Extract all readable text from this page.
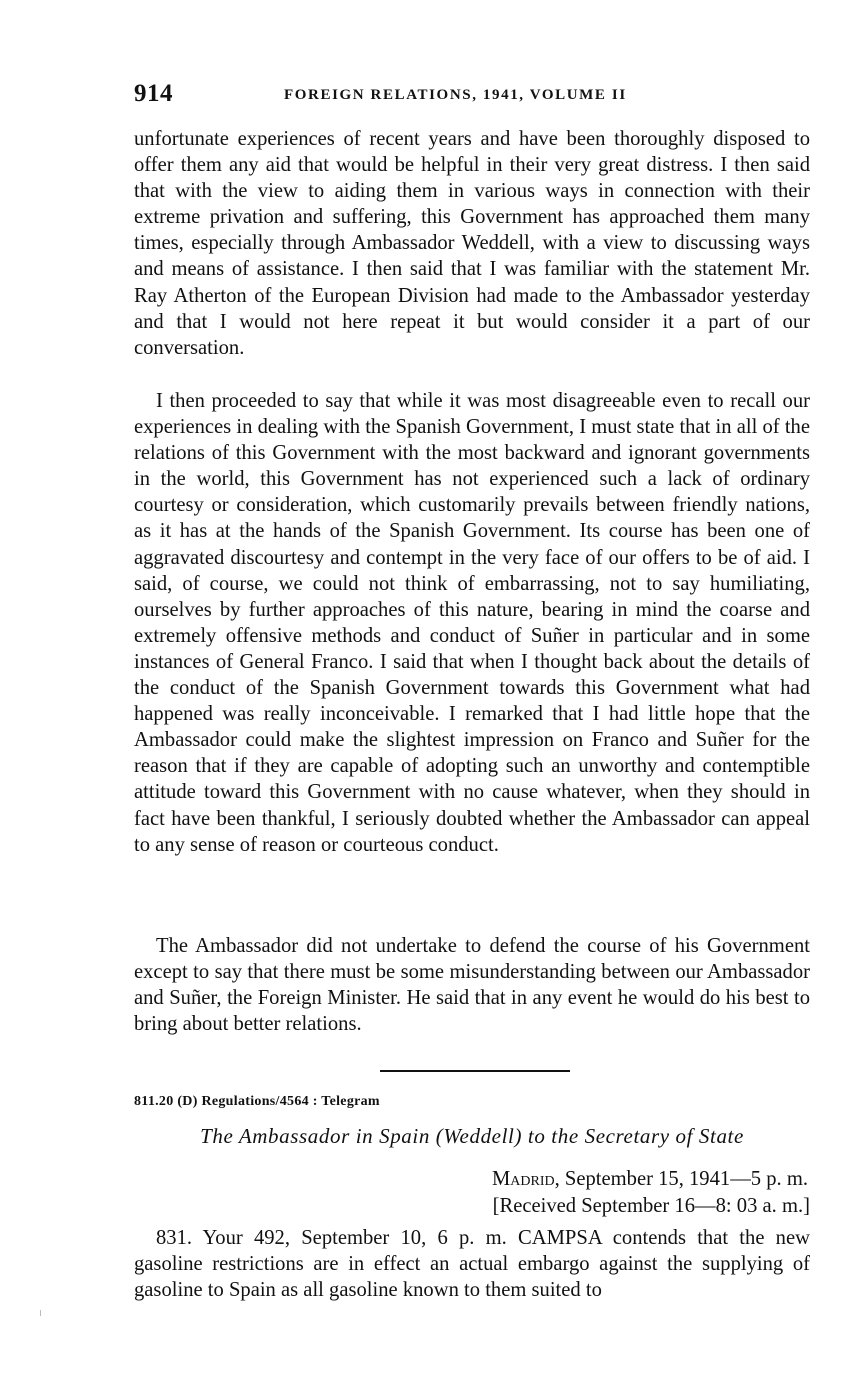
914	FOREIGN RELATIONS, 1941, VOLUME II

unfortunate experiences of recent years and have been thoroughly disposed to offer them any aid that would be helpful in their very great distress. I then said that with the view to aiding them in various ways in connection with their extreme privation and suffering, this Government has approached them many times, especially through Ambassador Weddell, with a view to discussing ways and means of assistance. I then said that I was familiar with the statement Mr. Ray Atherton of the European Division had made to the Ambassador yesterday and that I would not here repeat it but would consider it a part of our conversation.

I then proceeded to say that while it was most disagreeable even to recall our experiences in dealing with the Spanish Government, I must state that in all of the relations of this Government with the most backward and ignorant governments in the world, this Government has not experienced such a lack of ordinary courtesy or consideration, which customarily prevails between friendly nations, as it has at the hands of the Spanish Government. Its course has been one of aggravated discourtesy and contempt in the very face of our offers to be of aid. I said, of course, we could not think of embarrassing, not to say humiliating, ourselves by further approaches of this nature, bearing in mind the coarse and extremely offensive methods and conduct of Suñer in particular and in some instances of General Franco. I said that when I thought back about the details of the conduct of the Spanish Government towards this Government what had happened was really inconceivable. I remarked that I had little hope that the Ambassador could make the slightest impression on Franco and Suñer for the reason that if they are capable of adopting such an unworthy and contemptible attitude toward this Government with no cause whatever, when they should in fact have been thankful, I seriously doubted whether the Ambassador can appeal to any sense of reason or courteous conduct.

The Ambassador did not undertake to defend the course of his Government except to say that there must be some misunderstanding between our Ambassador and Suñer, the Foreign Minister. He said that in any event he would do his best to bring about better relations.

811.20 (D) Regulations/4564 : Telegram
The Ambassador in Spain (Weddell) to the Secretary of State
Madrid, September 15, 1941—5 p. m.
[Received September 16—8: 03 a. m.]

831. Your 492, September 10, 6 p. m. CAMPSA contends that the new gasoline restrictions are in effect an actual embargo against the supplying of gasoline to Spain as all gasoline known to them suited to
